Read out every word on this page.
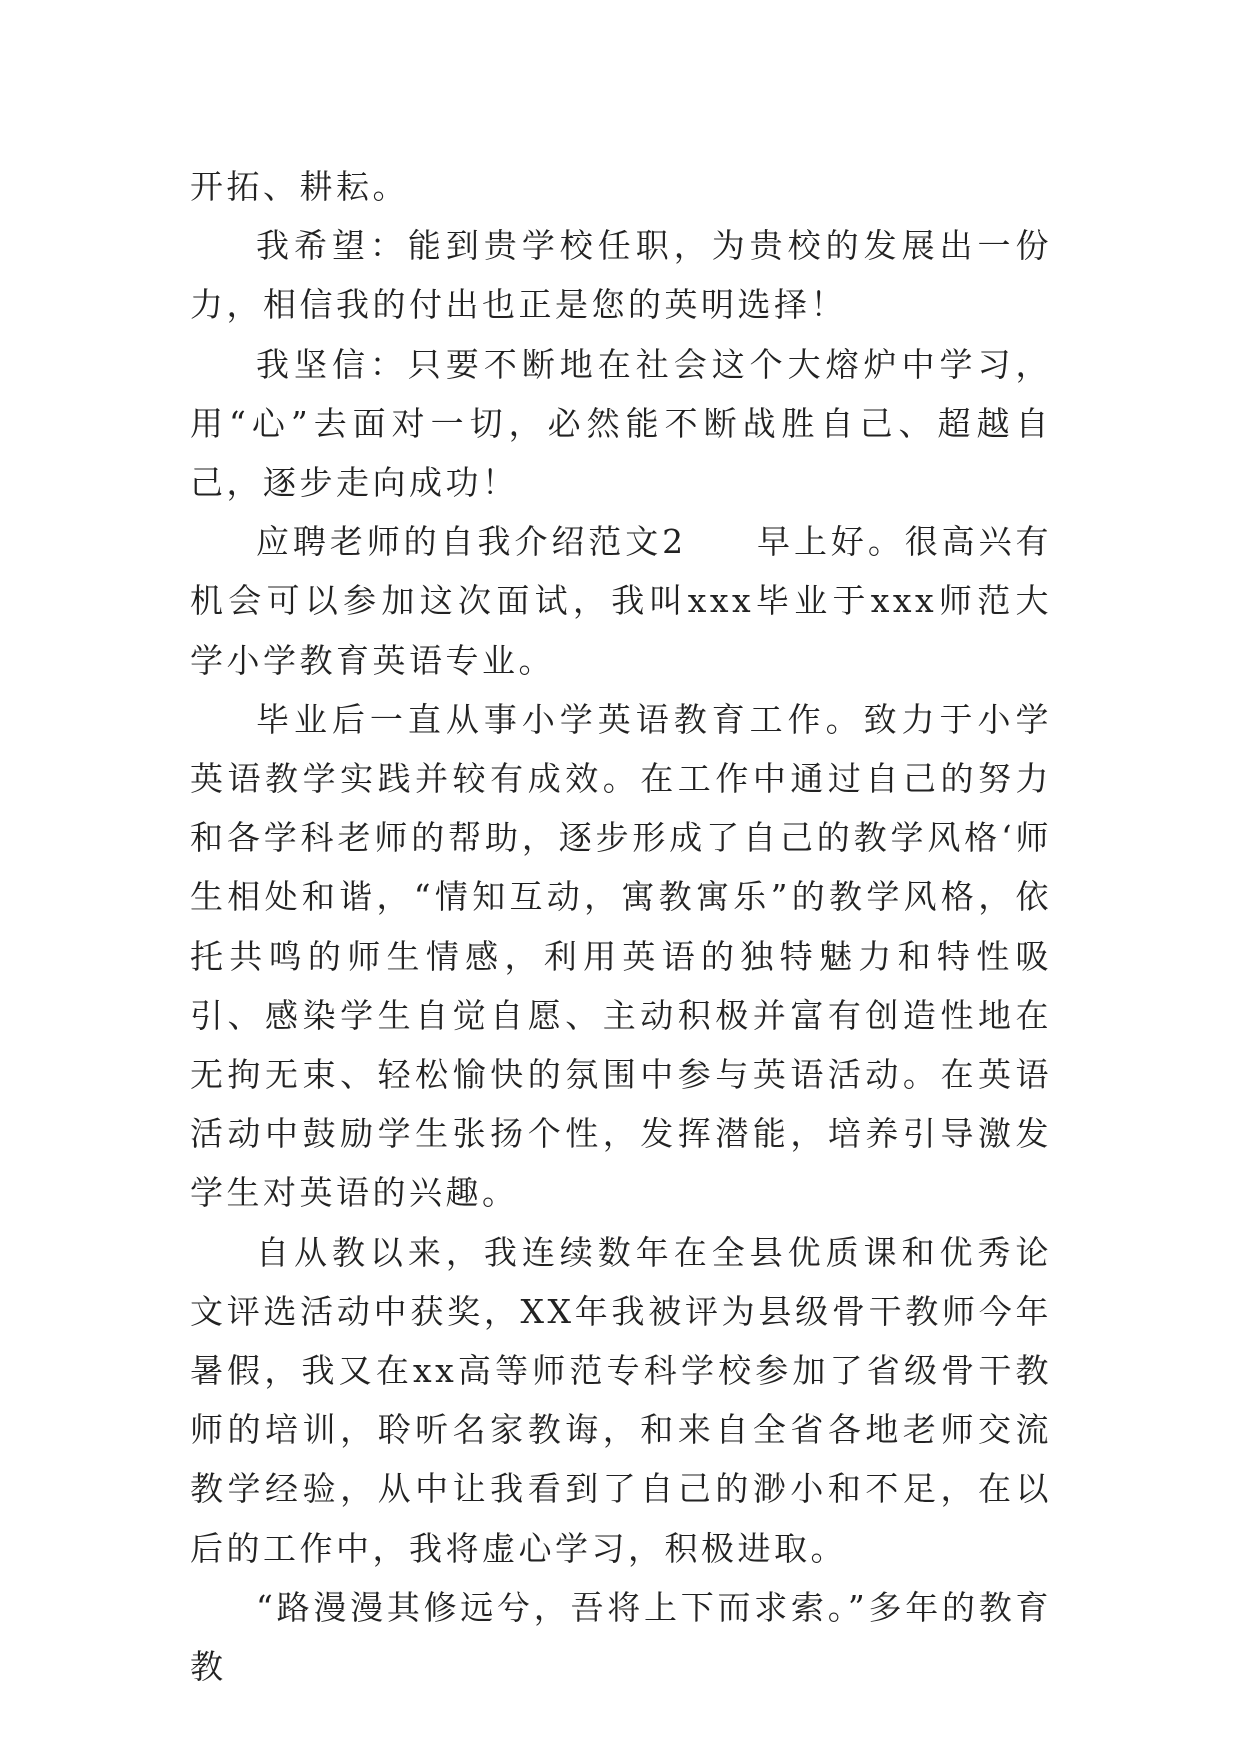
开拓、耕耘。

我希望：能到贵学校任职，为贵校的发展出一份力，相信我的付出也正是您的英明选择！

我坚信：只要不断地在社会这个大熔炉中学习，用“心”去面对一切，必然能不断战胜自己、超越自己，逐步走向成功！

应聘老师的自我介绍范文2 早上好。很高兴有机会可以参加这次面试，我叫xxx毕业于xxx师范大学小学教育英语专业。

毕业后一直从事小学英语教育工作。致力于小学英语教学实践并较有成效。在工作中通过自己的努力和各学科老师的帮助，逐步形成了自己的教学风格‘师生相处和谐，“情知互动，寓教寓乐”的教学风格，依托共鸣的师生情感，利用英语的独特魅力和特性吸引、感染学生自觉自愿、主动积极并富有创造性地在无拘无束、轻松愉快的氛围中参与英语活动。在英语活动中鼓励学生张扬个性，发挥潜能，培养引导激发学生对英语的兴趣。

自从教以来，我连续数年在全县优质课和优秀论文评选活动中获奖，XX年我被评为县级骨干教师今年暑假，我又在xx高等师范专科学校参加了省级骨干教师的培训，聆听名家教诲，和来自全省各地老师交流教学经验，从中让我看到了自己的渺小和不足，在以后的工作中，我将虚心学习，积极进取。

“路漫漫其修远兮，吾将上下而求索。”多年的教育教
